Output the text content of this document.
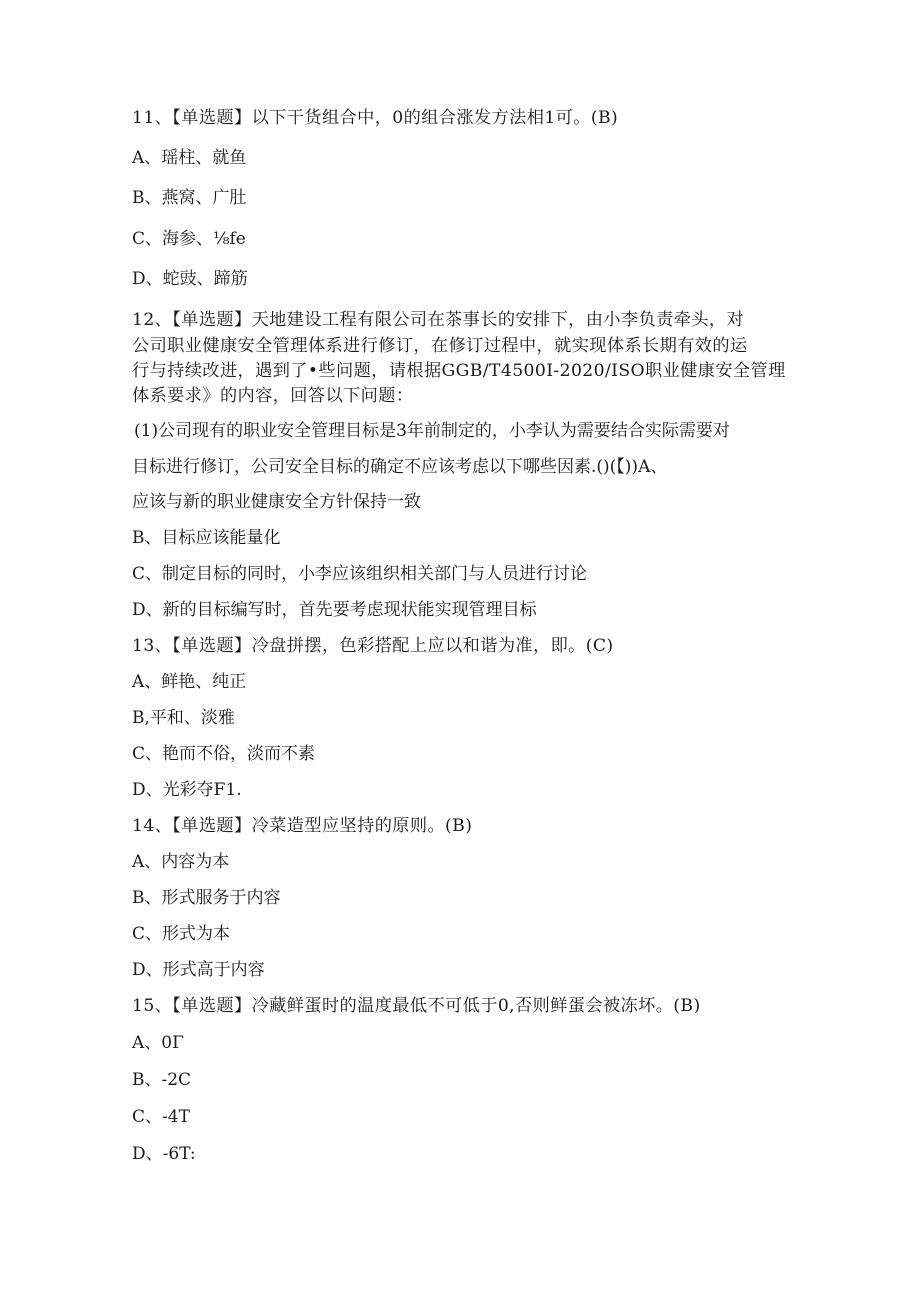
11、【单选题】以下干货组合中，0的组合涨发方法相1可。(B)
A、瑶柱、就鱼
B、燕窝、广肚
C、海参、⅛fe
D、蛇豉、蹄筋
12、【单选题】天地建设工程有限公司在茶事长的安排下，由小李负责牵头，对
公司职业健康安全管理体系进行修订，在修订过程中，就实现体系长期有效的运
行与持续改进，遇到了•些问题，请根据GGB/T4500I-2020/ISO职业健康安全管理
体系要求》的内容，回答以下问题：
(1)公司现有的职业安全管理目标是3年前制定的，小李认为需要结合实际需要对
目标进行修订，公司安全目标的确定不应该考虑以下哪些因素.()(【))A、
应该与新的职业健康安全方针保持一致
B、目标应该能量化
C、制定目标的同时，小李应该组织相关部门与人员进行讨论
D、新的目标编写时，首先要考虑现状能实现管理目标
13、【单选题】冷盘拼摆，色彩搭配上应以和谐为准，即。(C)
A、鲜艳、纯正
B,平和、淡雅
C、艳而不俗，淡而不素
D、光彩夺F1.
14、【单选题】冷菜造型应坚持的原则。(B)
A、内容为本
B、形式服务于内容
C、形式为本
D、形式高于内容
15、【单选题】冷藏鲜蛋时的温度最低不可低于0,否则鲜蛋会被冻坏。(B)
A、0Γ
B、-2C
C、-4T
D、-6T:
